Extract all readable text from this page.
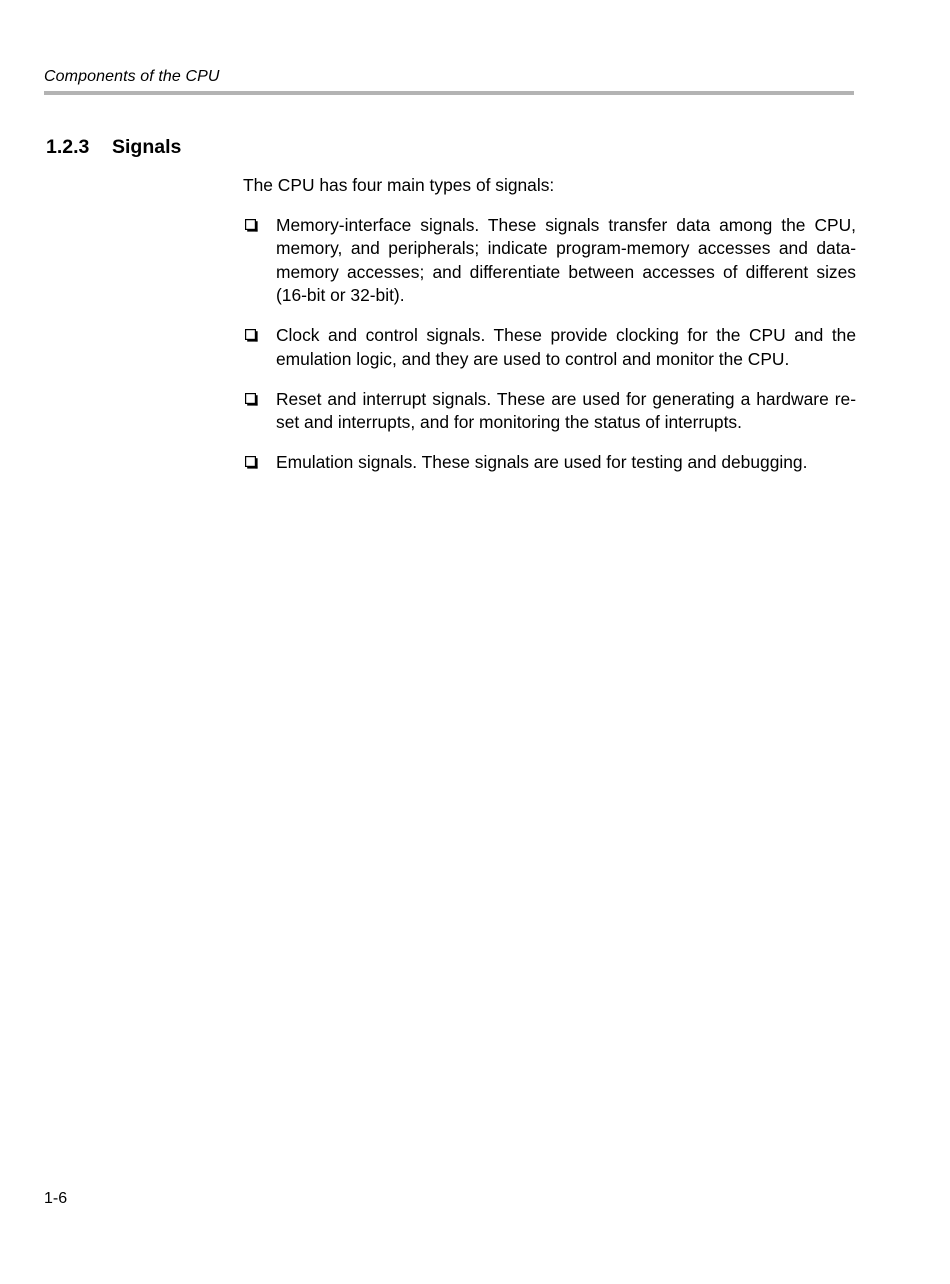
Components of the CPU
1.2.3 Signals

The CPU has four main types of signals:

Memory-interface signals. These signals transfer data among the CPU, memory, and peripherals; indicate program-memory accesses and data-memory accesses; and differentiate between accesses of different sizes (16-bit or 32-bit).
Clock and control signals. These provide clocking for the CPU and the emulation logic, and they are used to control and monitor the CPU.
Reset and interrupt signals. These are used for generating a hardware re-set and interrupts, and for monitoring the status of interrupts.
Emulation signals. These signals are used for testing and debugging.
1-6
